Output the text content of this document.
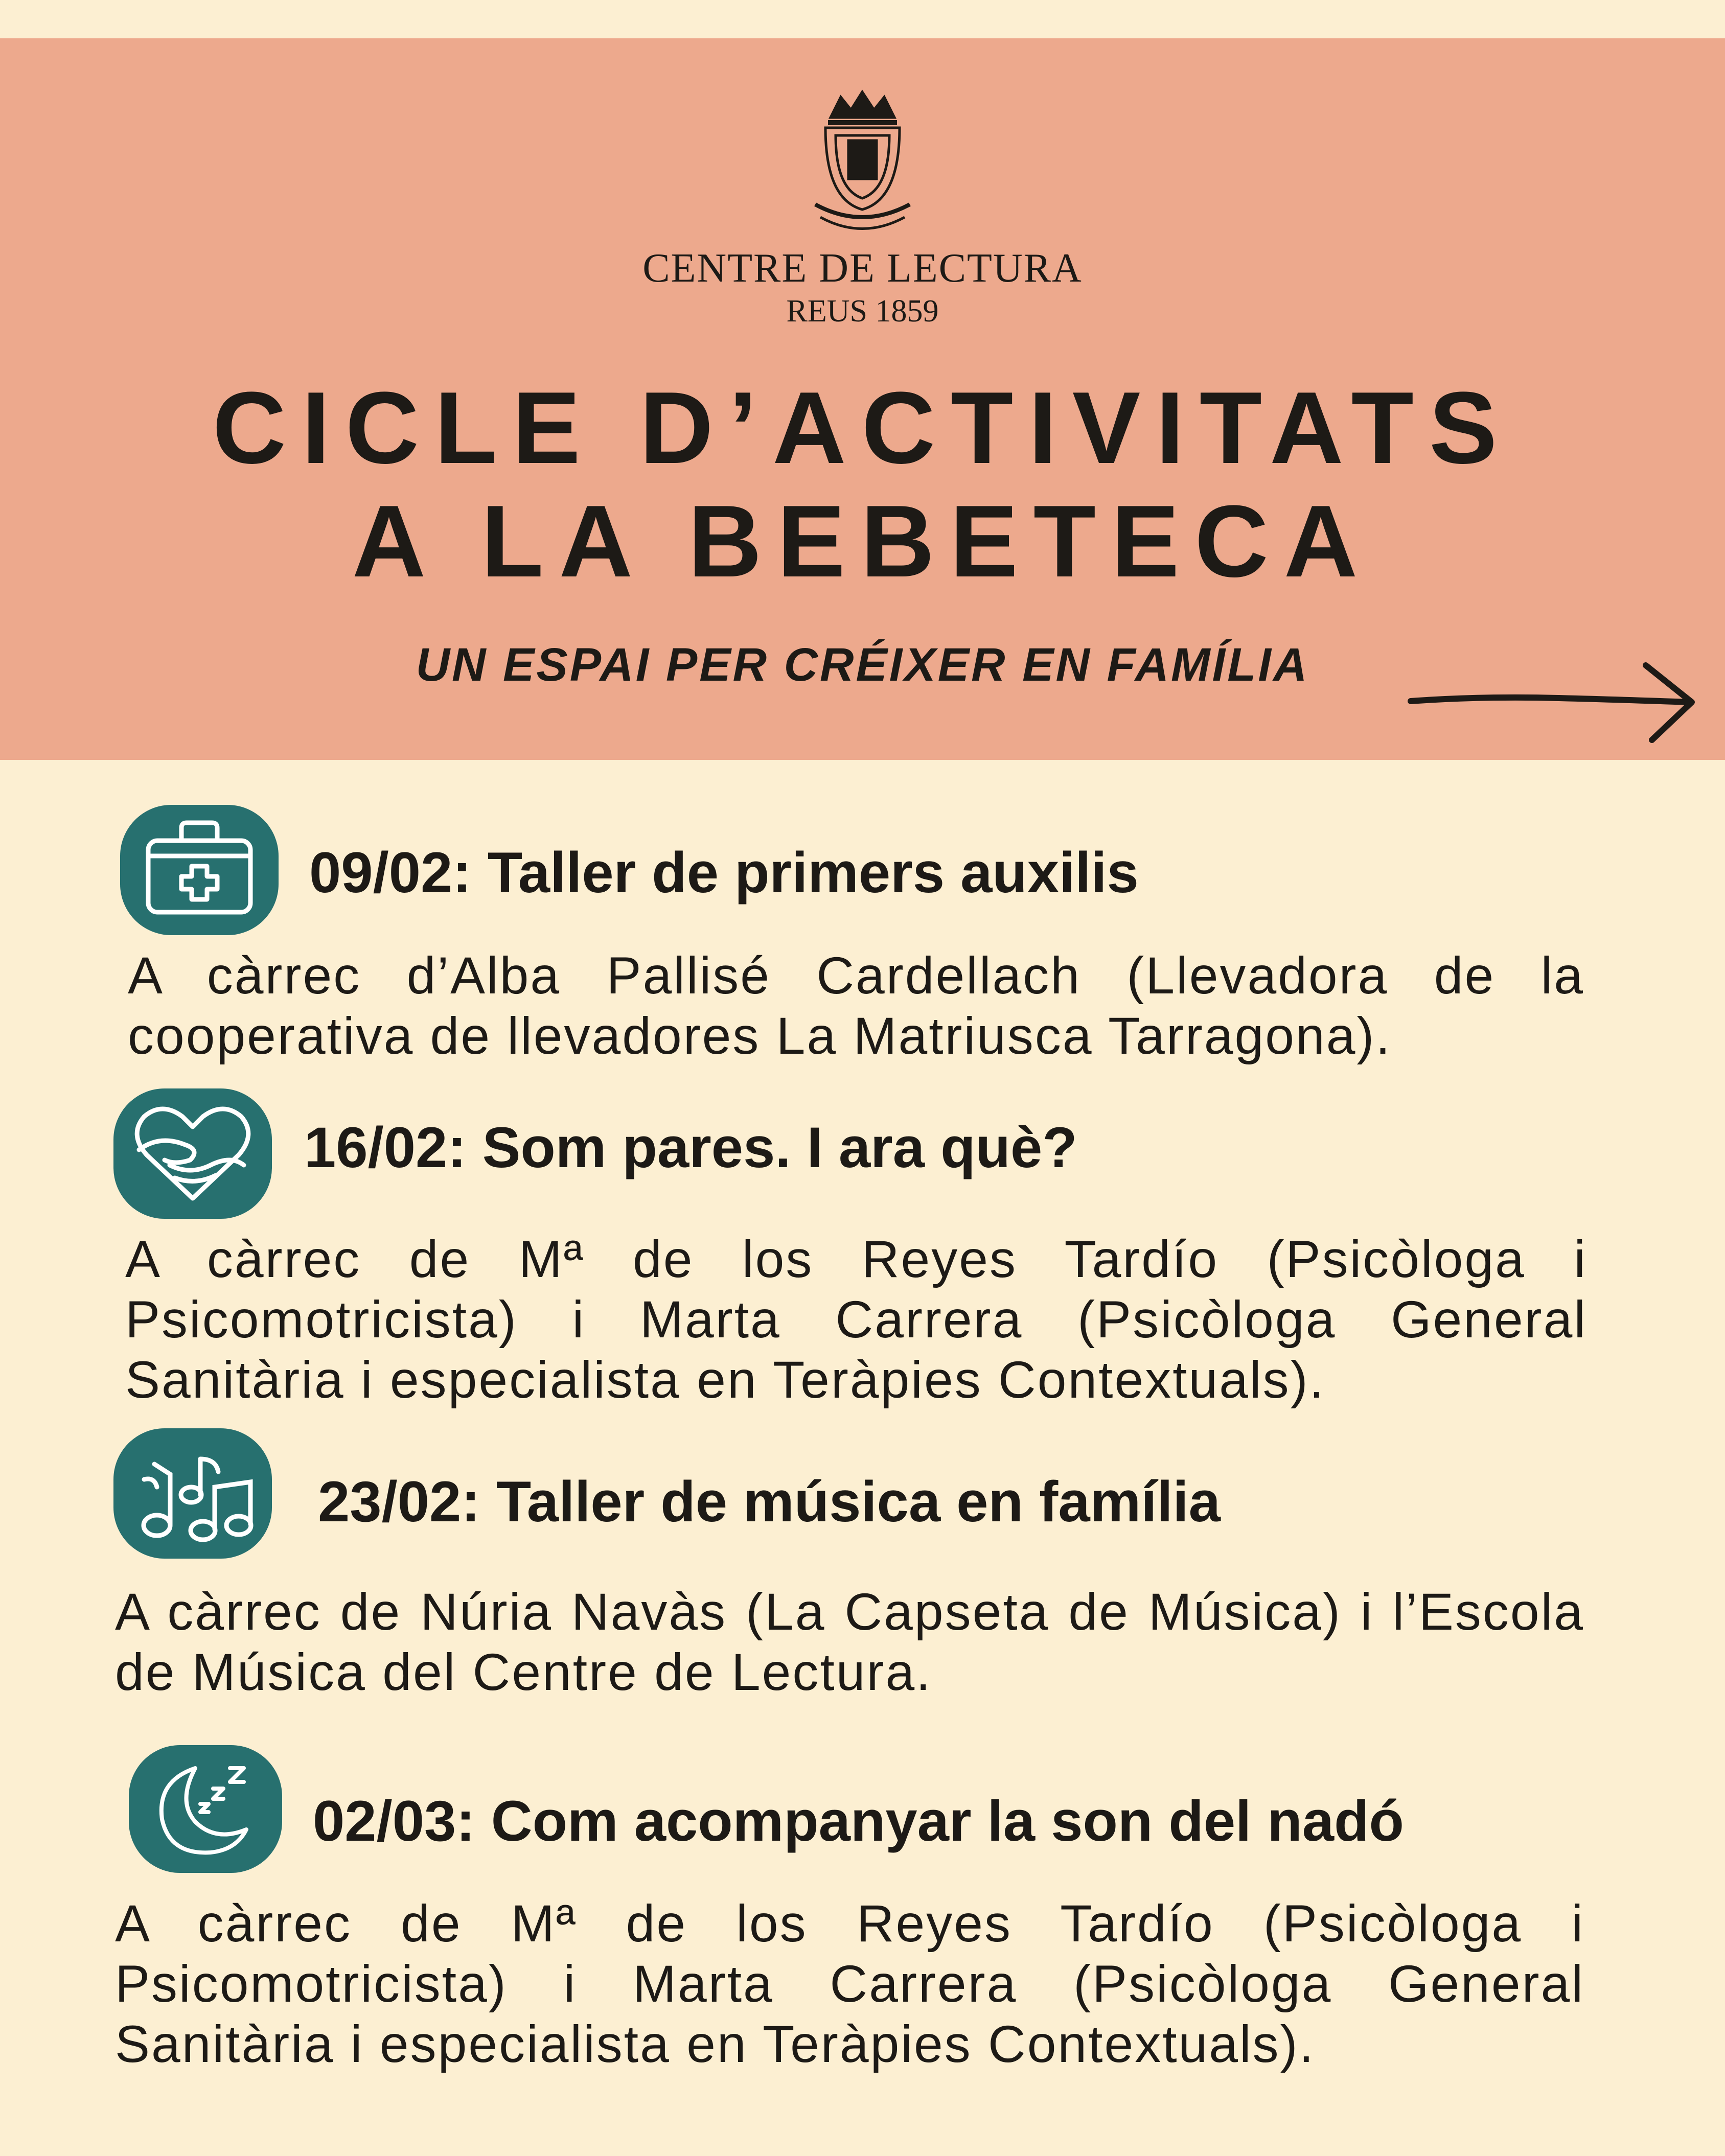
CENTRE DE LECTURA
REUS 1859
CICLE D’ACTIVITATS
A LA BEBETECA
UN ESPAI PER CRÉIXER EN FAMÍLIA
09/02: Taller de primers auxilis
A càrrec d’Alba Pallisé Cardellach (Llevadora de la cooperativa de llevadores La Matriusca Tarragona).
16/02: Som pares. I ara què?
A càrrec de Mª de los Reyes Tardío (Psicòloga i Psicomotricista) i Marta Carrera (Psicòloga General Sanitària i especialista en Teràpies Contextuals).
23/02: Taller de música en família
A càrrec de Núria Navàs (La Capseta de Música) i l’Escola de Música del Centre de Lectura.
02/03: Com acompanyar la son del nadó
A càrrec de Mª de los Reyes Tardío (Psicòloga i Psicomotricista) i Marta Carrera (Psicòloga General Sanitària i especialista en Teràpies Contextuals).
